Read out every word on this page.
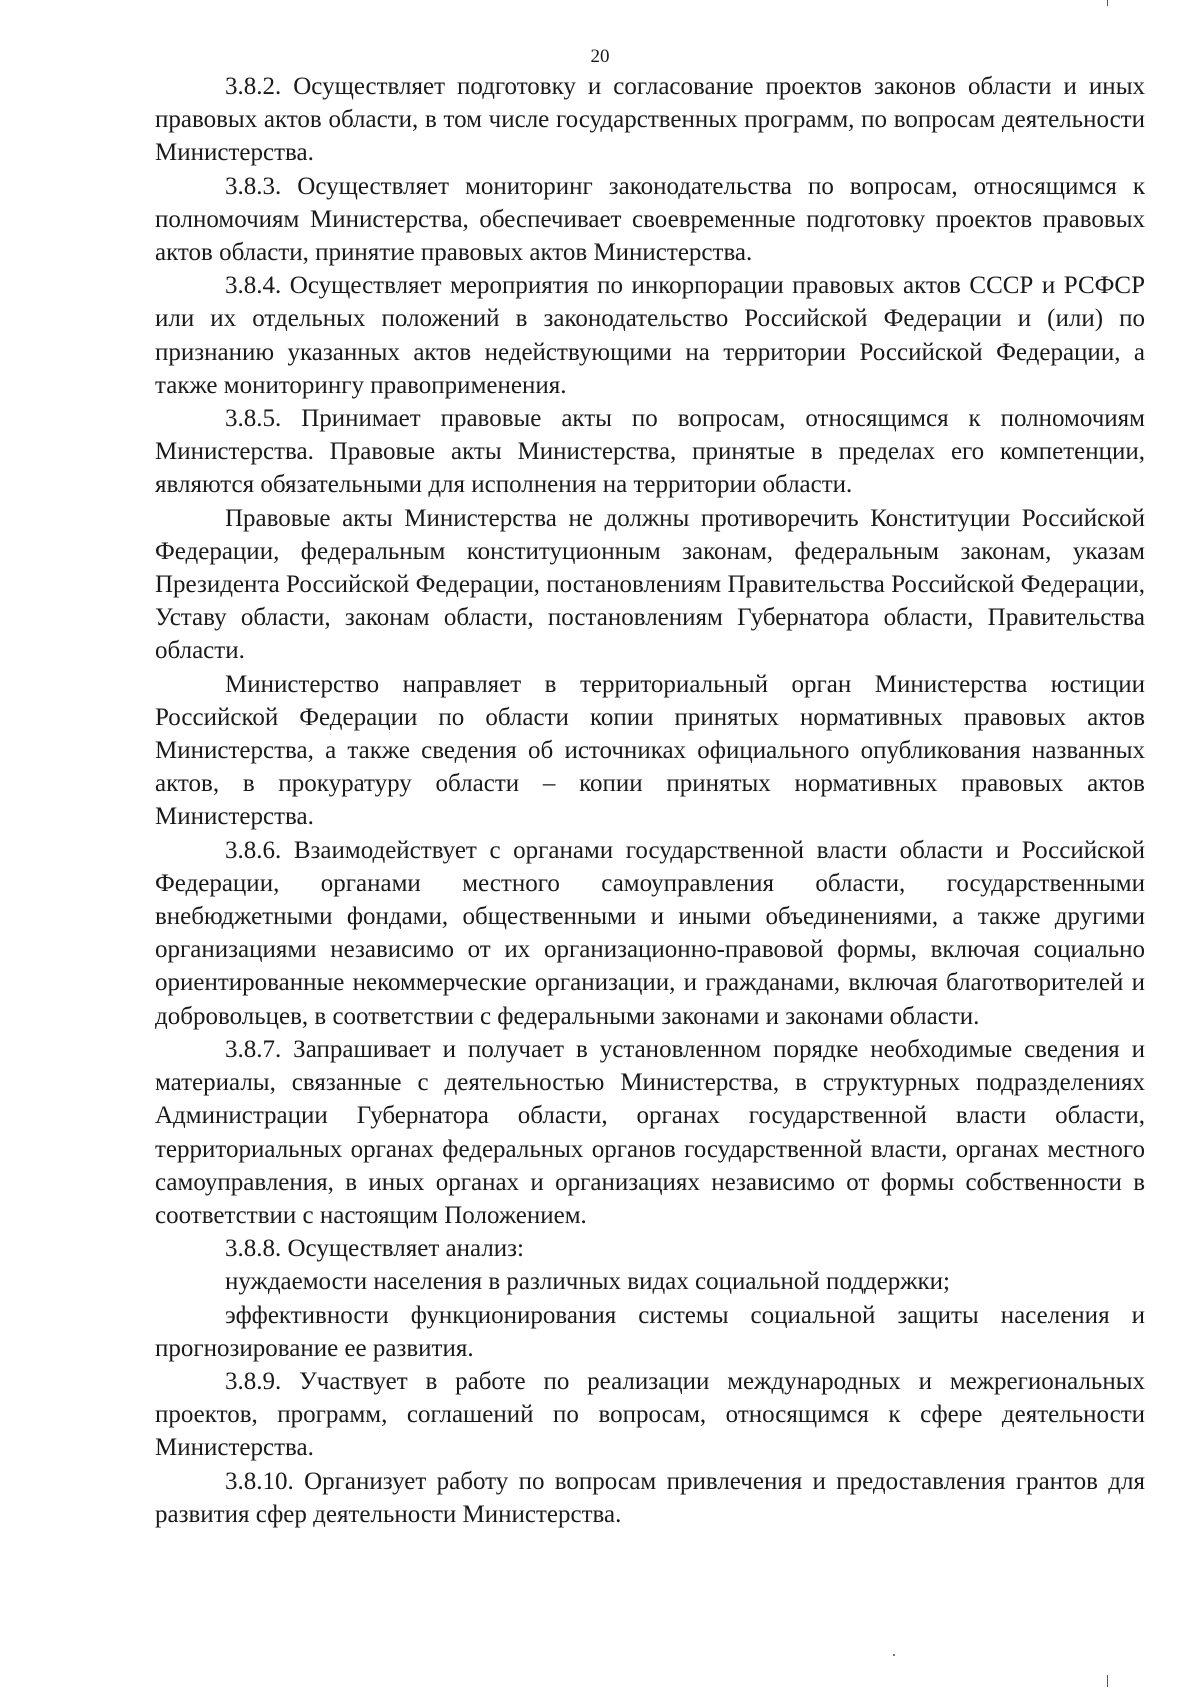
20

3.8.2. Осуществляет подготовку и согласование проектов законов области и иных правовых актов области, в том числе государственных программ, по вопросам деятельности Министерства.

3.8.3. Осуществляет мониторинг законодательства по вопросам, относящимся к полномочиям Министерства, обеспечивает своевременные подготовку проектов правовых актов области, принятие правовых актов Министерства.

3.8.4. Осуществляет мероприятия по инкорпорации правовых актов СССР и РСФСР или их отдельных положений в законодательство Российской Федерации и (или) по признанию указанных актов недействующими на территории Российской Федерации, а также мониторингу правоприменения.

3.8.5. Принимает правовые акты по вопросам, относящимся к полномочиям Министерства. Правовые акты Министерства, принятые в пределах его компетенции, являются обязательными для исполнения на территории области.

Правовые акты Министерства не должны противоречить Конституции Российской Федерации, федеральным конституционным законам, федеральным законам, указам Президента Российской Федерации, постановлениям Правительства Российской Федерации, Уставу области, законам области, постановлениям Губернатора области, Правительства области.

Министерство направляет в территориальный орган Министерства юстиции Российской Федерации по области копии принятых нормативных правовых актов Министерства, а также сведения об источниках официального опубликования названных актов, в прокуратуру области – копии принятых нормативных правовых актов Министерства.

3.8.6. Взаимодействует с органами государственной власти области и Российской Федерации, органами местного самоуправления области, государственными внебюджетными фондами, общественными и иными объединениями, а также другими организациями независимо от их организационно-правовой формы, включая социально ориентированные некоммерческие организации, и гражданами, включая благотворителей и добровольцев, в соответствии с федеральными законами и законами области.

3.8.7. Запрашивает и получает в установленном порядке необходимые сведения и материалы, связанные с деятельностью Министерства, в структурных подразделениях Администрации Губернатора области, органах государственной власти области, территориальных органах федеральных органов государственной власти, органах местного самоуправления, в иных органах и организациях независимо от формы собственности в соответствии с настоящим Положением.

3.8.8. Осуществляет анализ:

нуждаемости населения в различных видах социальной поддержки;

эффективности функционирования системы социальной защиты населения и прогнозирование ее развития.

3.8.9. Участвует в работе по реализации международных и межрегиональных проектов, программ, соглашений по вопросам, относящимся к сфере деятельности Министерства.

3.8.10. Организует работу по вопросам привлечения и предоставления грантов для развития сфер деятельности Министерства.
